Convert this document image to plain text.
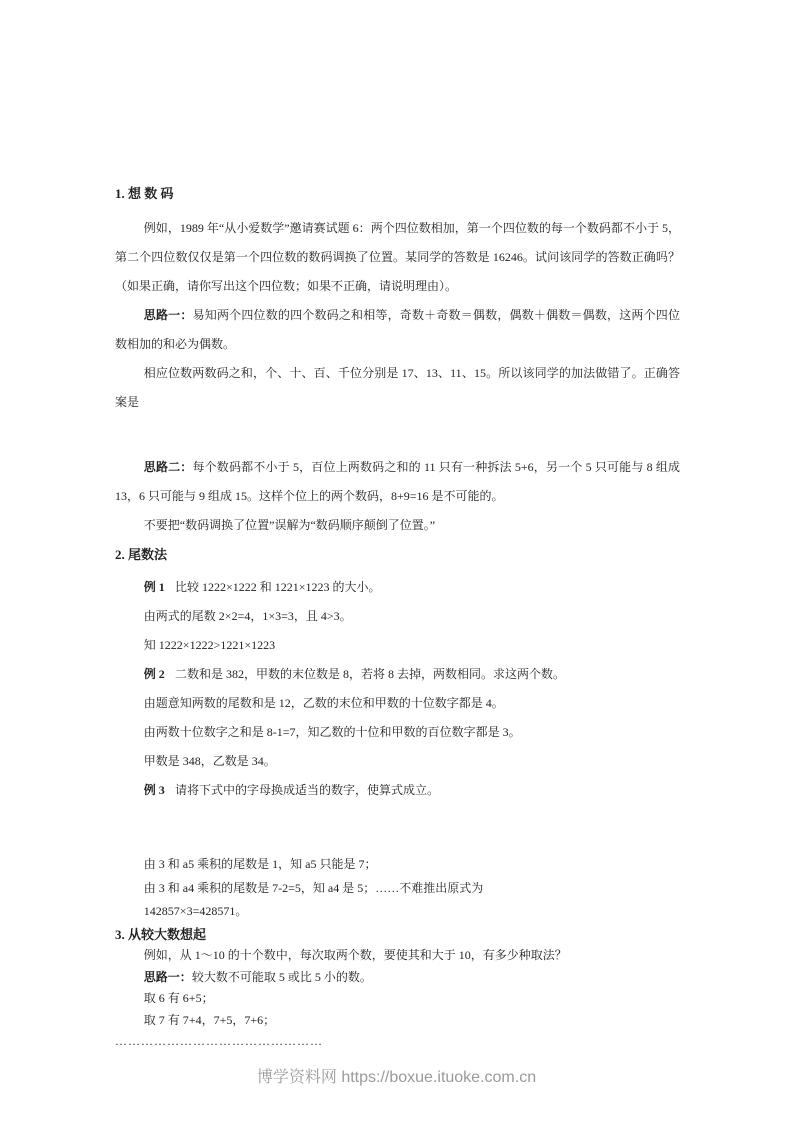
1. 想 数 码

例如，1989 年“从小爱数学”邀请赛试题 6：两个四位数相加，第一个四位数的每一个数码都不小于 5，第二个四位数仅仅是第一个四位数的数码调换了位置。某同学的答数是 16246。试问该同学的答数正确吗？（如果正确，请你写出这个四位数；如果不正确，请说明理由）。

思路一：易知两个四位数的四个数码之和相等，奇数＋奇数＝偶数，偶数＋偶数＝偶数，这两个四位数相加的和必为偶数。

相应位数两数码之和，个、十、百、千位分别是 17、13、11、15。所以该同学的加法做错了。正确答案是

思路二：每个数码都不小于 5，百位上两数码之和的 11 只有一种拆法 5+6，另一个 5 只可能与 8 组成 13，6 只可能与 9 组成 15。这样个位上的两个数码，8+9=16 是不可能的。

不要把“数码调换了位置”误解为“数码顺序颠倒了位置。”

2. 尾数法

例 1 比较 1222×1222 和 1221×1223 的大小。

由两式的尾数 2×2=4，1×3=3，且 4>3。

知 1222×1222>1221×1223

例 2 二数和是 382，甲数的末位数是 8，若将 8 去掉，两数相同。求这两个数。

由题意知两数的尾数和是 12，乙数的末位和甲数的十位数字都是 4。

由两数十位数字之和是 8-1=7，知乙数的十位和甲数的百位数字都是 3。

甲数是 348，乙数是 34。

例 3 请将下式中的字母换成适当的数字，使算式成立。

由 3 和 a5 乘积的尾数是 1，知 a5 只能是 7；

由 3 和 a4 乘积的尾数是 7-2=5，知 a4 是 5；……不难推出原式为

142857×3=428571。

3. 从较大数想起

例如，从 1～10 的十个数中，每次取两个数，要使其和大于 10，有多少种取法？

思路一：较大数不可能取 5 或比 5 小的数。

取 6 有 6+5；

取 7 有 7+4，7+5，7+6；

…………………………………………

博学资料网 https://boxue.ituoke.com.cn
